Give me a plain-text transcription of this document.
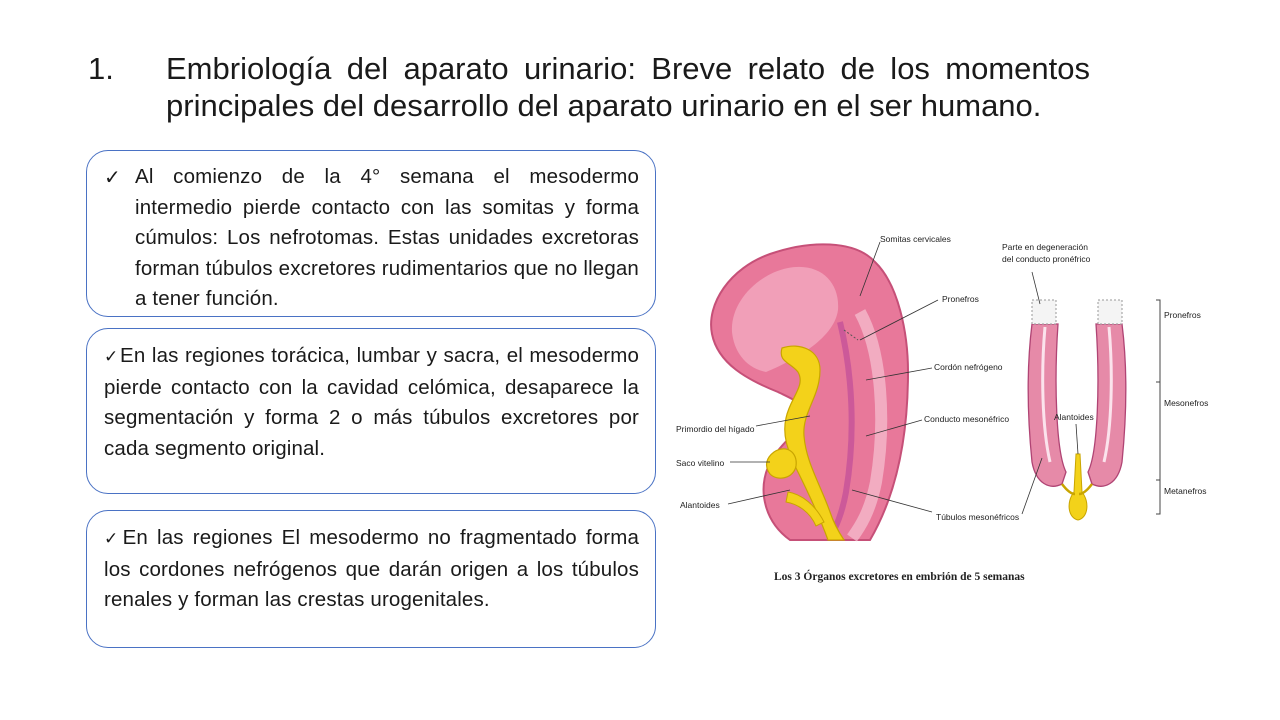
1.	Embriología del aparato urinario: Breve relato de los momentos
principales del desarrollo del aparato urinario en el ser humano.
✓ Al comienzo de la 4° semana el mesodermo intermedio pierde contacto con las somitas y forma cúmulos: Los nefrotomas. Estas unidades excretoras forman túbulos excretores rudimentarios que no llegan a tener función.

✓En las regiones torácica, lumbar y sacra, el mesodermo pierde contacto con la cavidad celómica, desaparece la segmentación y forma 2 o más túbulos excretores por cada segmento original.

✓En las regiones El mesodermo no fragmentado forma los cordones nefrógenos que darán origen a los túbulos renales y forman las crestas urogenitales.

Somitas cervicales
Pronefros
Cordón nefrógeno
Conducto mesonéfrico
Primordio del hígado
Saco vitelino
Alantoides
Túbulos mesonéfricos
Parte en degeneración
del conducto pronéfrico
Alantoides
Pronefros
Mesonefros
Metanefros
Los 3 Órganos excretores en embrión de 5 semanas
